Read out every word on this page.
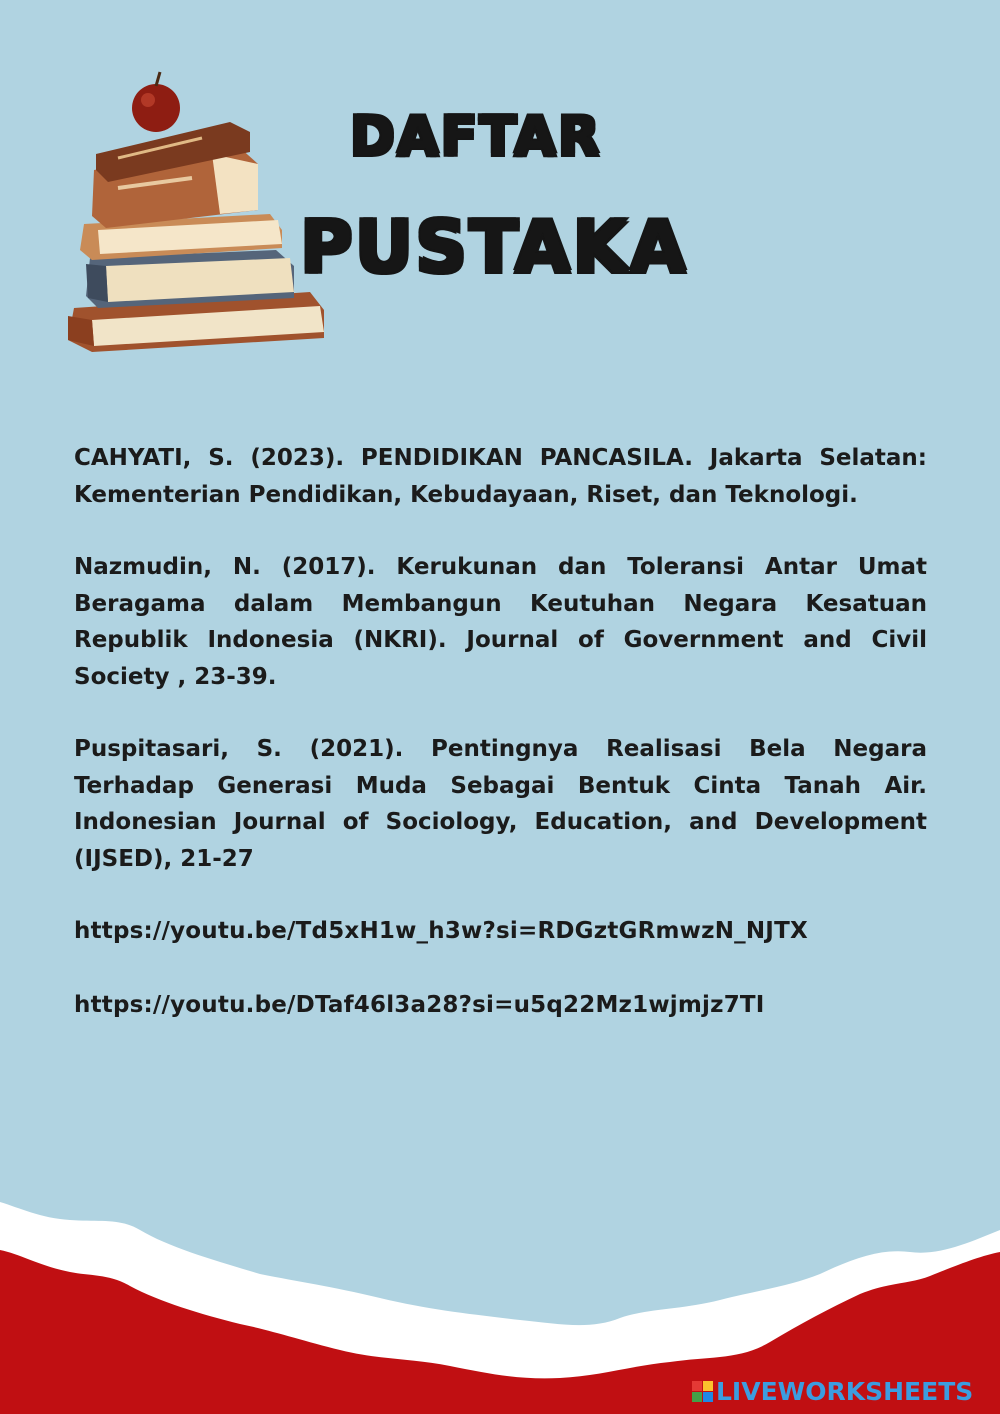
DAFTAR
PUSTAKA

CAHYATI, S. (2023). PENDIDIKAN PANCASILA. Jakarta Selatan: Kementerian Pendidikan, Kebudayaan, Riset, dan Teknologi.

Nazmudin, N. (2017). Kerukunan dan Toleransi Antar Umat Beragama dalam Membangun Keutuhan Negara Kesatuan Republik Indonesia (NKRI). Journal of Government and Civil Society , 23-39.

Puspitasari, S. (2021). Pentingnya Realisasi Bela Negara Terhadap Generasi Muda Sebagai Bentuk Cinta Tanah Air. Indonesian Journal of Sociology, Education, and Development (IJSED), 21-27

https://youtu.be/Td5xH1w_h3w?si=RDGztGRmwzN_NJTX

https://youtu.be/DTaf46l3a28?si=u5q22Mz1wjmjz7TI

LIVEWORKSHEETS
